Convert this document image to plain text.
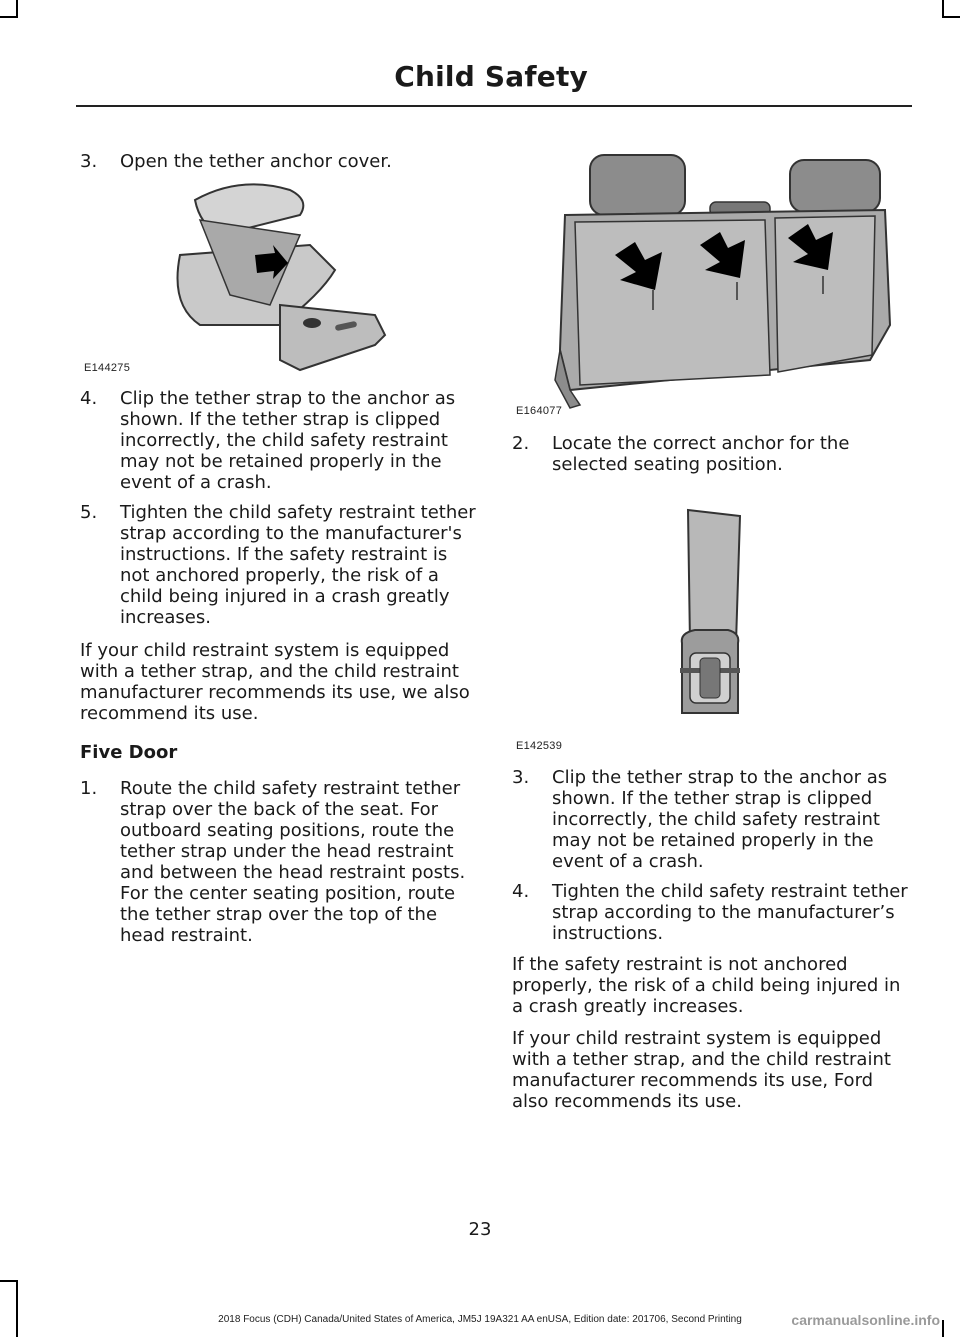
Child Safety
3. Open the tether anchor cover.
E144275
4. Clip the tether strap to the anchor as shown. If the tether strap is clipped incorrectly, the child safety restraint may not be retained properly in the event of a crash.
5. Tighten the child safety restraint tether strap according to the manufacturer's instructions. If the safety restraint is not anchored properly, the risk of a child being injured in a crash greatly increases.
If your child restraint system is equipped with a tether strap, and the child restraint manufacturer recommends its use, we also recommend its use.
Five Door
1. Route the child safety restraint tether strap over the back of the seat. For outboard seating positions, route the tether strap under the head restraint and between the head restraint posts. For the center seating position, route the tether strap over the top of the head restraint.
E164077
2. Locate the correct anchor for the selected seating position.
E142539
3. Clip the tether strap to the anchor as shown. If the tether strap is clipped incorrectly, the child safety restraint may not be retained properly in the event of a crash.
4. Tighten the child safety restraint tether strap according to the manufacturer’s instructions.
If the safety restraint is not anchored properly, the risk of a child being injured in a crash greatly increases.
If your child restraint system is equipped with a tether strap, and the child restraint manufacturer recommends its use, Ford also recommends its use.
23
2018 Focus (CDH) Canada/United States of America, JM5J 19A321 AA enUSA, Edition date: 201706, Second Printing	carmanualsonline.info
